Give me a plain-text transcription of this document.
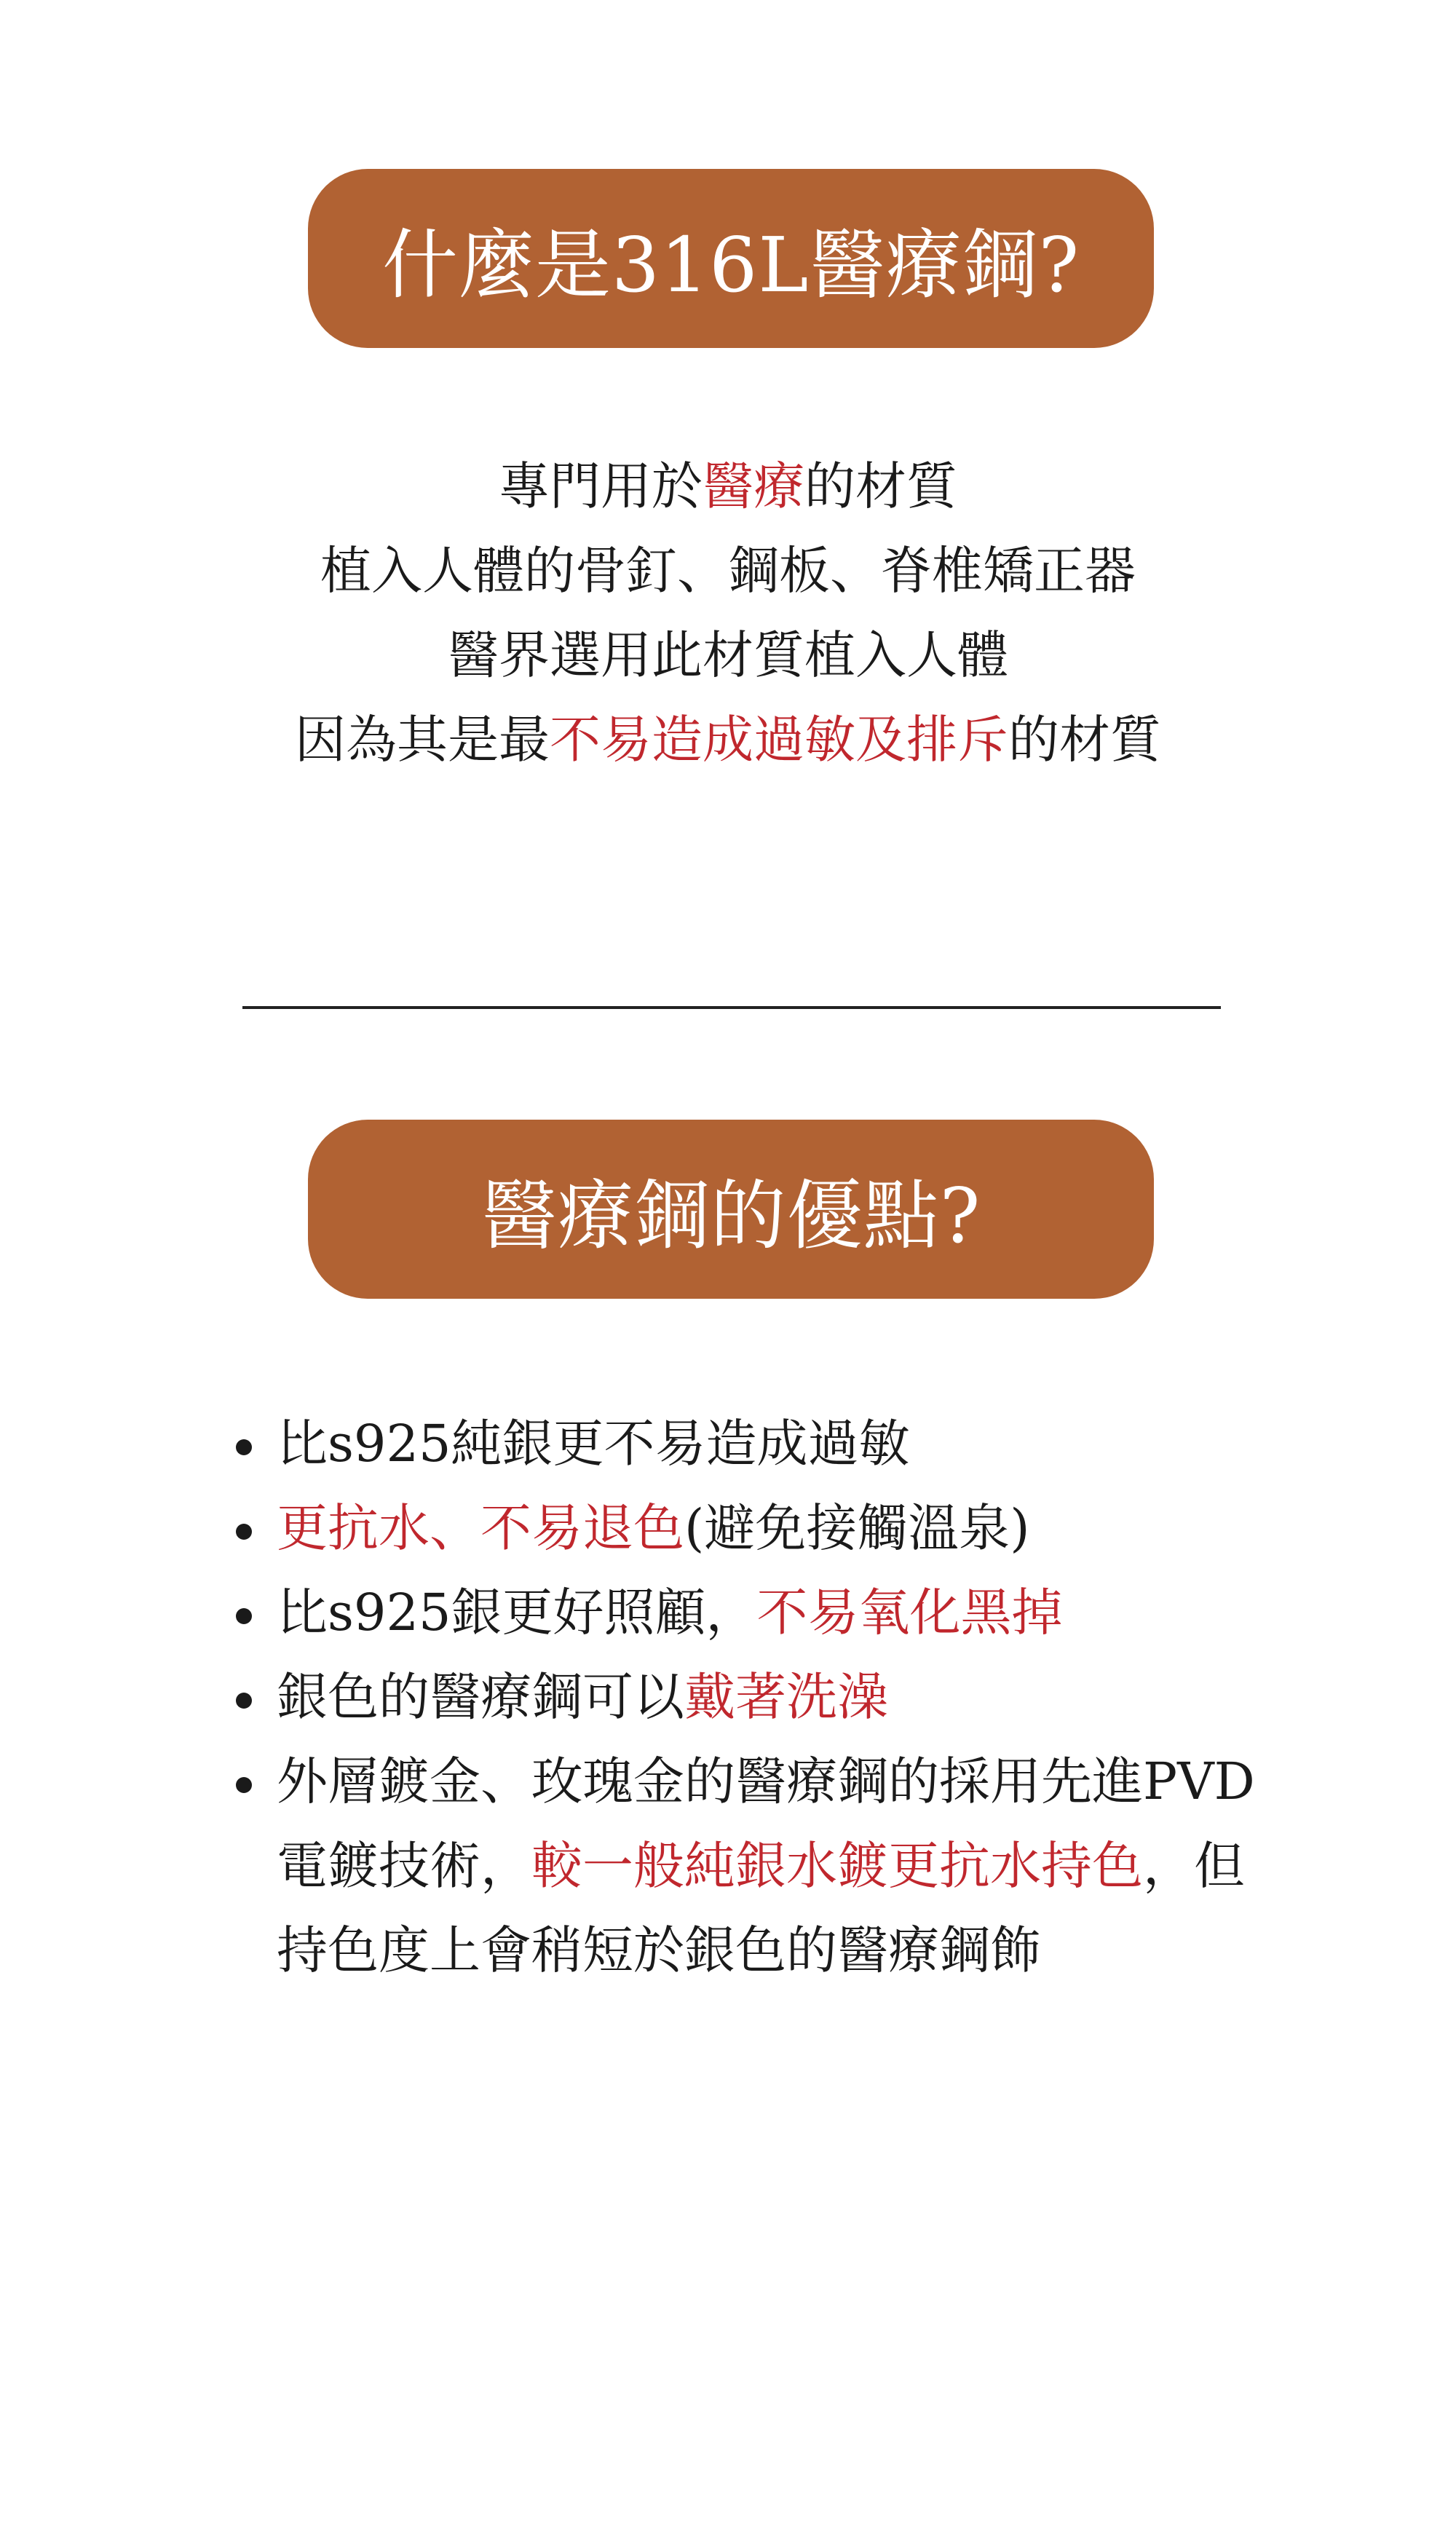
什麼是316L醫療鋼?
專門用於醫療的材質
植入人體的骨釘、鋼板、脊椎矯正器
醫界選用此材質植入人體
因為其是最不易造成過敏及排斥的材質
醫療鋼的優點?
比s925純銀更不易造成過敏
更抗水、不易退色(避免接觸溫泉)
比s925銀更好照顧，不易氧化黑掉
銀色的醫療鋼可以戴著洗澡
外層鍍金、玫瑰金的醫療鋼的採用先進PVD電鍍技術，較一般純銀水鍍更抗水持色，但持色度上會稍短於銀色的醫療鋼飾
